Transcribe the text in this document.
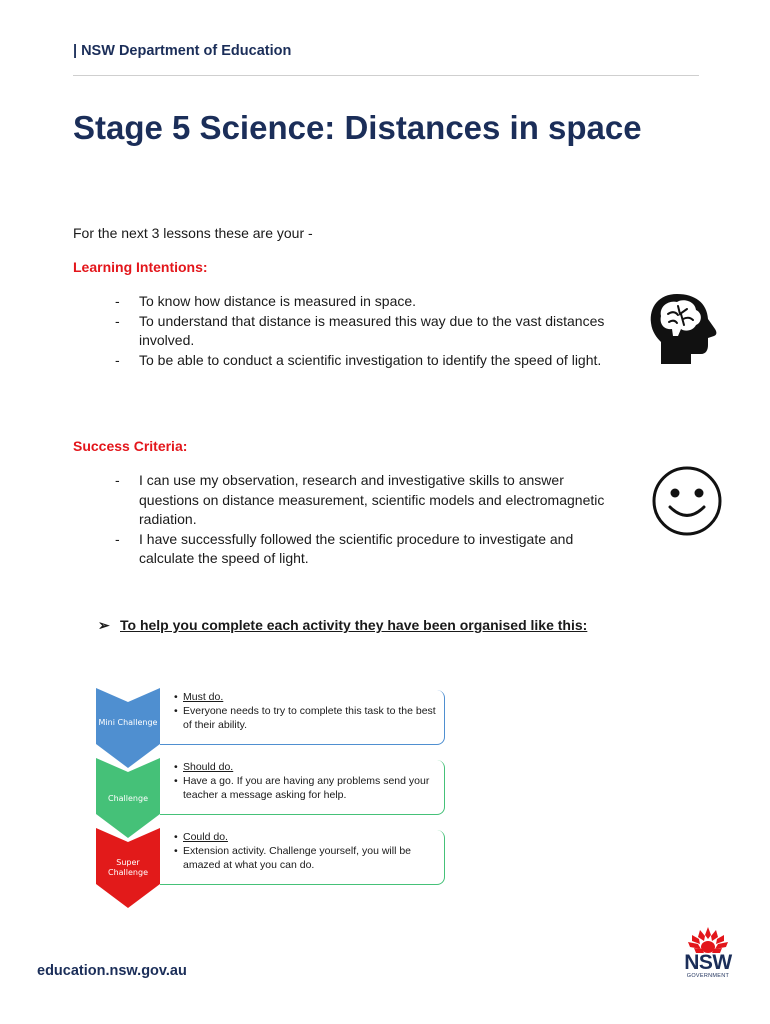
| NSW Department of Education
Stage 5 Science: Distances in space
For the next 3 lessons these are your -
Learning Intentions:
- To know how distance is measured in space.
- To understand that distance is measured this way due to the vast distances involved.
- To be able to conduct a scientific investigation to identify the speed of light.
Success Criteria:
- I can use my observation, research and investigative skills to answer questions on distance measurement, scientific models and electromagnetic radiation.
- I have successfully followed the scientific procedure to investigate and calculate the speed of light.
➢ To help you complete each activity they have been organised like this:
Mini Challenge
• Must do.
• Everyone needs to try to complete this task to the best of their ability.
Challenge
• Should do.
• Have a go. If you are having any problems send your teacher a message asking for help.
Super Challenge
• Could do.
• Extension activity. Challenge yourself, you will be amazed at what you can do.
education.nsw.gov.au	NSW
GOVERNMENT
